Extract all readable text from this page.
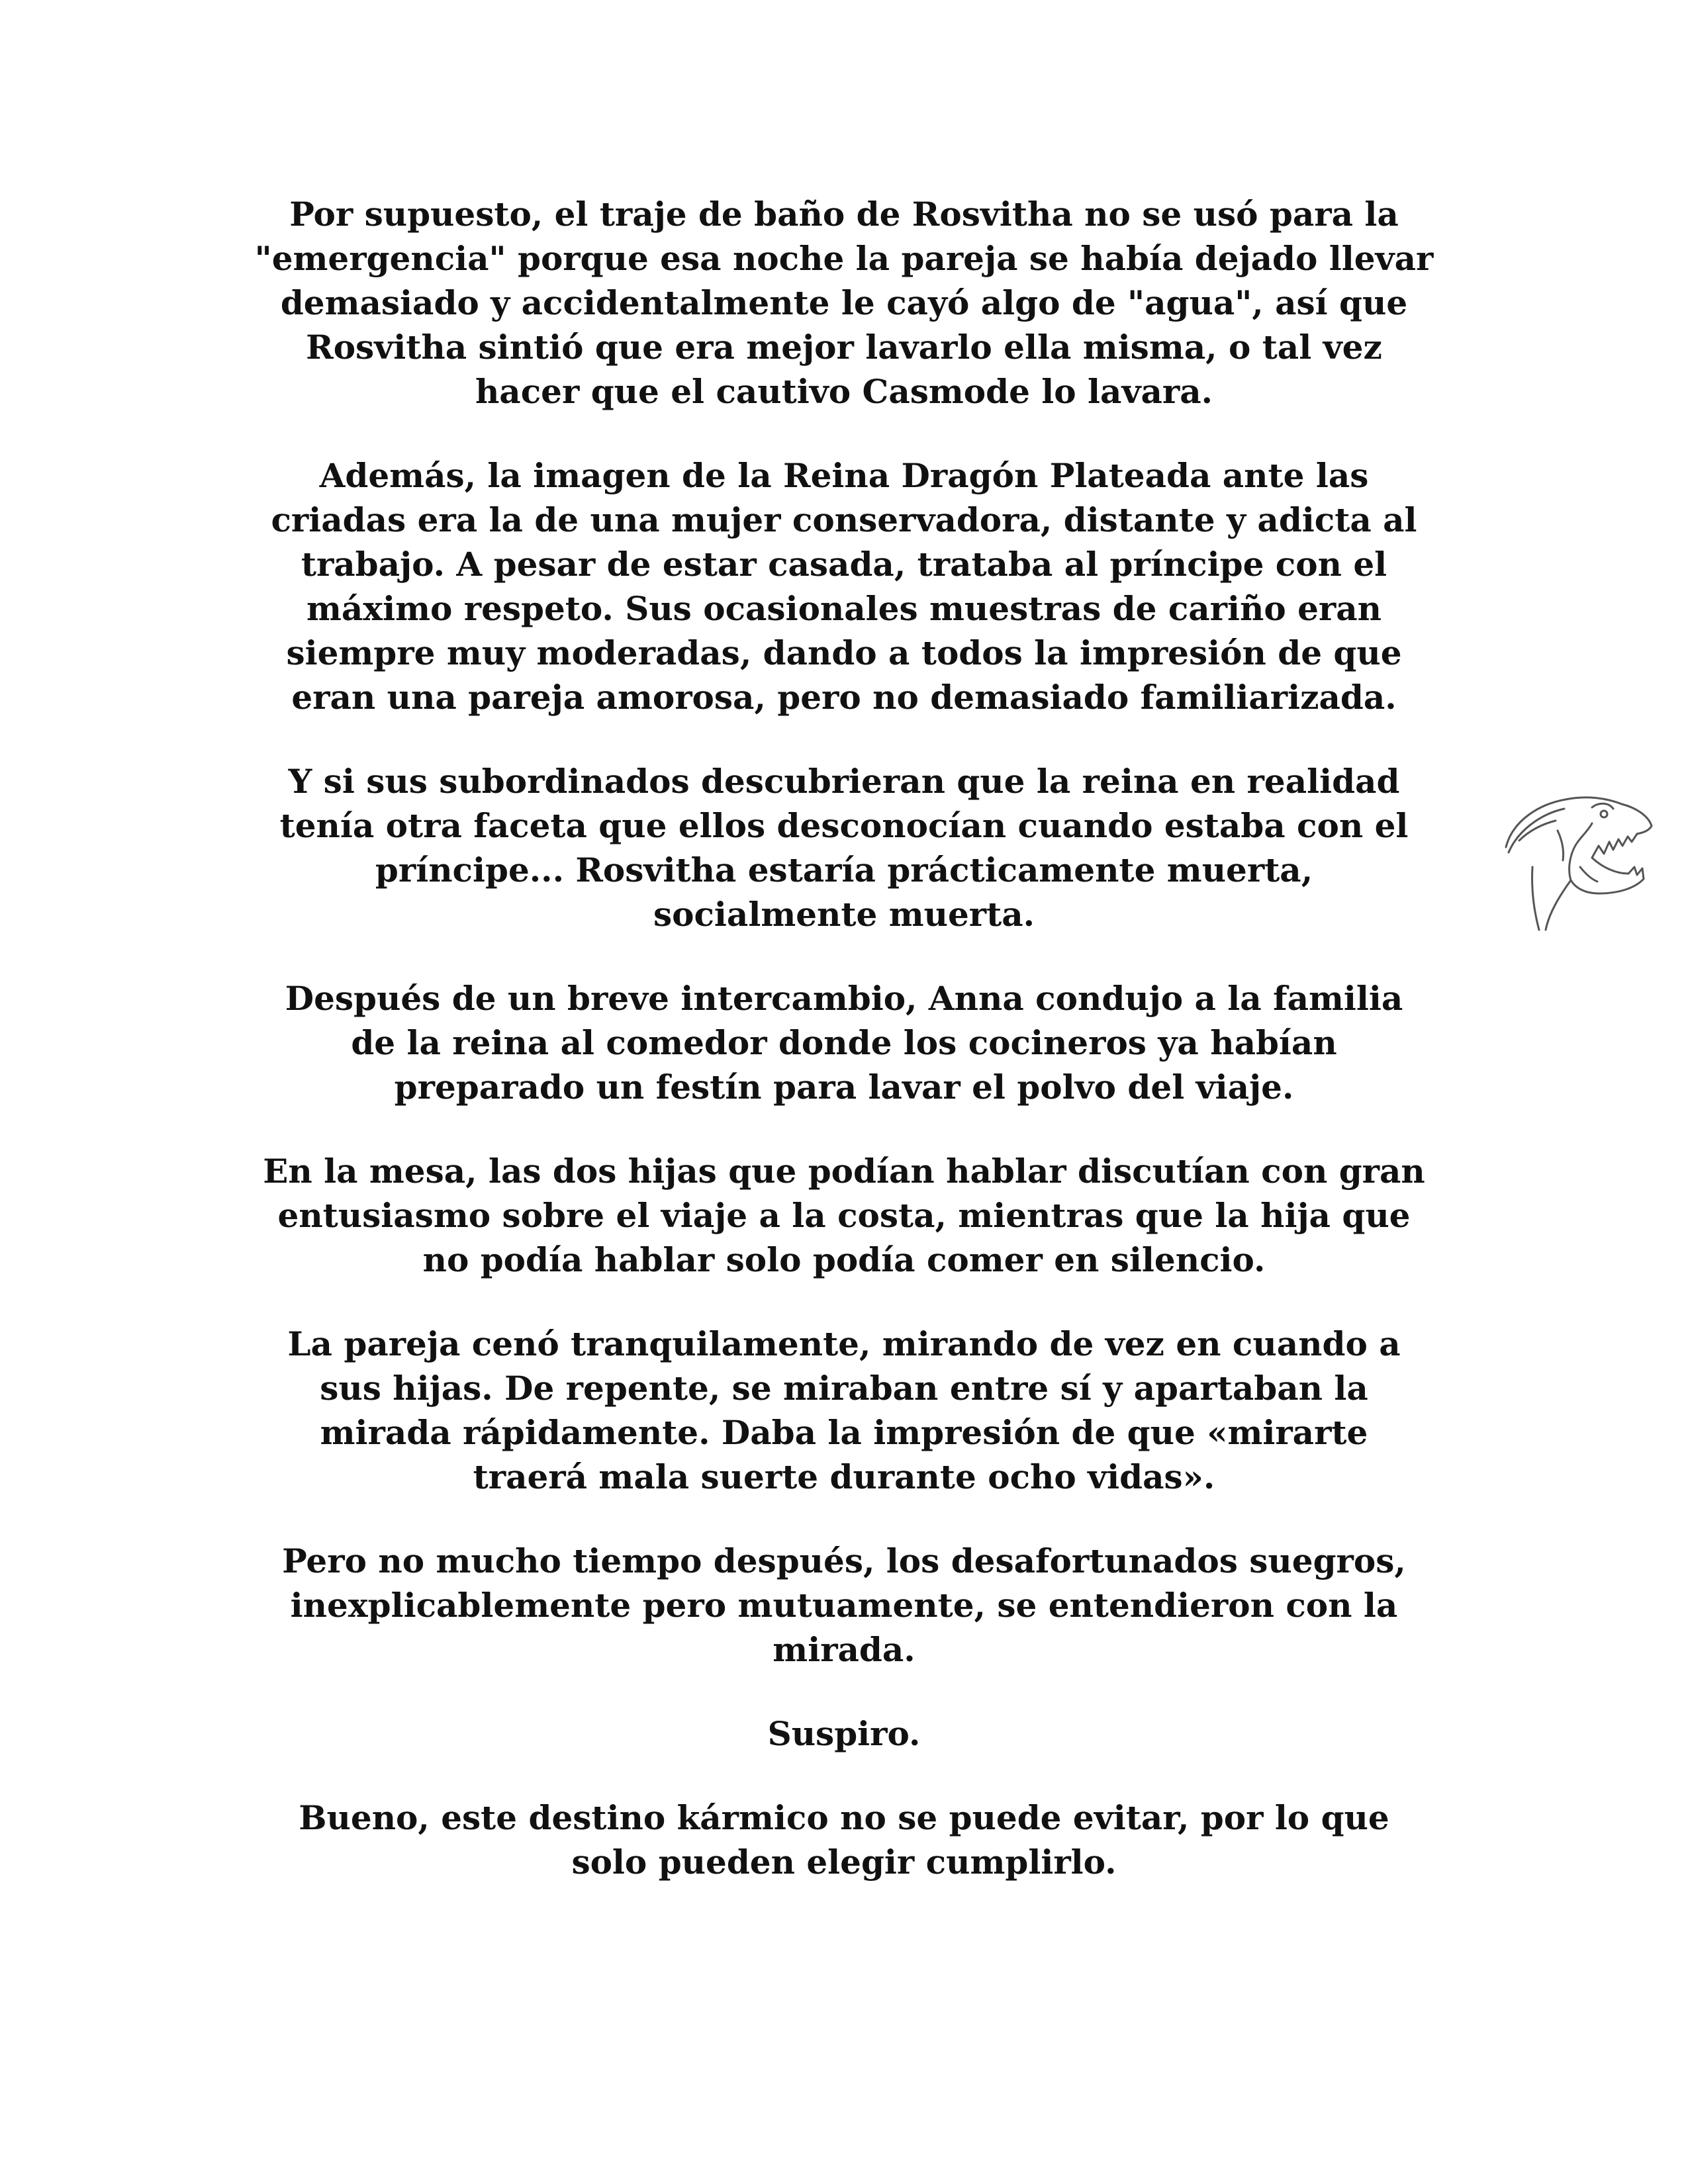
Por supuesto, el traje de baño de Rosvitha no se usó para la
"emergencia" porque esa noche la pareja se había dejado llevar
demasiado y accidentalmente le cayó algo de "agua", así que
Rosvitha sintió que era mejor lavarlo ella misma, o tal vez
hacer que el cautivo Casmode lo lavara.

Además, la imagen de la Reina Dragón Plateada ante las
criadas era la de una mujer conservadora, distante y adicta al
trabajo. A pesar de estar casada, trataba al príncipe con el
máximo respeto. Sus ocasionales muestras de cariño eran
siempre muy moderadas, dando a todos la impresión de que
eran una pareja amorosa, pero no demasiado familiarizada.

Y si sus subordinados descubrieran que la reina en realidad
tenía otra faceta que ellos desconocían cuando estaba con el
príncipe... Rosvitha estaría prácticamente muerta,
socialmente muerta.

Después de un breve intercambio, Anna condujo a la familia
de la reina al comedor donde los cocineros ya habían
preparado un festín para lavar el polvo del viaje.

En la mesa, las dos hijas que podían hablar discutían con gran
entusiasmo sobre el viaje a la costa, mientras que la hija que
no podía hablar solo podía comer en silencio.

La pareja cenó tranquilamente, mirando de vez en cuando a
sus hijas. De repente, se miraban entre sí y apartaban la
mirada rápidamente. Daba la impresión de que «mirarte
traerá mala suerte durante ocho vidas».

Pero no mucho tiempo después, los desafortunados suegros,
inexplicablemente pero mutuamente, se entendieron con la
mirada.

Suspiro.

Bueno, este destino kármico no se puede evitar, por lo que
solo pueden elegir cumplirlo.
